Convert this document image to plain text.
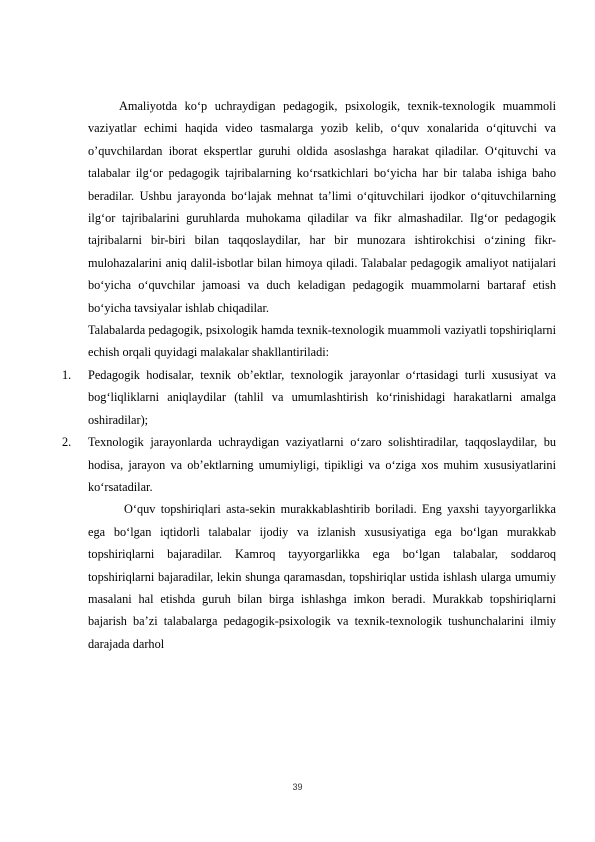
Amaliyotda ko‘p uchraydigan pedagogik, psixologik, texnik-texnologik muammoli vaziyatlar echimi haqida video tasmalarga yozib kelib, o‘quv xonalarida o‘qituvchi va o’quvchilardan iborat ekspertlar guruhi oldida asoslashga harakat qiladilar. O‘qituvchi va talabalar ilg‘or pedagogik tajribalarning ko‘rsatkichlari bo‘yicha har bir talaba ishiga baho beradilar. Ushbu jarayonda bo‘lajak mehnat ta’limi o‘qituvchilari ijodkor o‘qituvchilarning ilg‘or tajribalarini guruhlarda muhokama qiladilar va fikr almashadilar. Ilg‘or pedagogik tajribalarni bir-biri bilan taqqoslaydilar, har bir munozara ishtirokchisi o‘zining fikr-mulohazalarini aniq dalil-isbotlar bilan himoya qiladi. Talabalar pedagogik amaliyot natijalari bo‘yicha o‘quvchilar jamoasi va duch keladigan pedagogik muammolarni bartaraf etish bo‘yicha tavsiyalar ishlab chiqadilar.

Talabalarda pedagogik, psixologik hamda texnik-texnologik muammoli vaziyatli topshiriqlarni echish orqali quyidagi malakalar shakllantiriladi:

1. Pedagogik hodisalar, texnik ob’ektlar, texnologik jarayonlar o‘rtasidagi turli xususiyat va bog‘liqliklarni aniqlaydilar (tahlil va umumlashtirish ko‘rinishidagi harakatlarni amalga oshiradilar);
2. Texnologik jarayonlarda uchraydigan vaziyatlarni o‘zaro solishtiradilar, taqqoslaydilar, bu hodisa, jarayon va ob’ektlarning umumiyligi, tipikligi va o‘ziga xos muhim xususiyatlarini ko‘rsatadilar.

O‘quv topshiriqlari asta-sekin murakkablashtirib boriladi. Eng yaxshi tayyorgarlikka ega bo‘lgan iqtidorli talabalar ijodiy va izlanish xususiyatiga ega bo‘lgan murakkab topshiriqlarni bajaradilar. Kamroq tayyorgarlikka ega bo‘lgan talabalar, soddaroq topshiriqlarni bajaradilar, lekin shunga qaramasdan, topshiriqlar ustida ishlash ularga umumiy masalani hal etishda guruh bilan birga ishlashga imkon beradi. Murakkab topshiriqlarni bajarish ba’zi talabalarga pedagogik-psixologik va texnik-texnologik tushunchalarini ilmiy darajada darhol

39
